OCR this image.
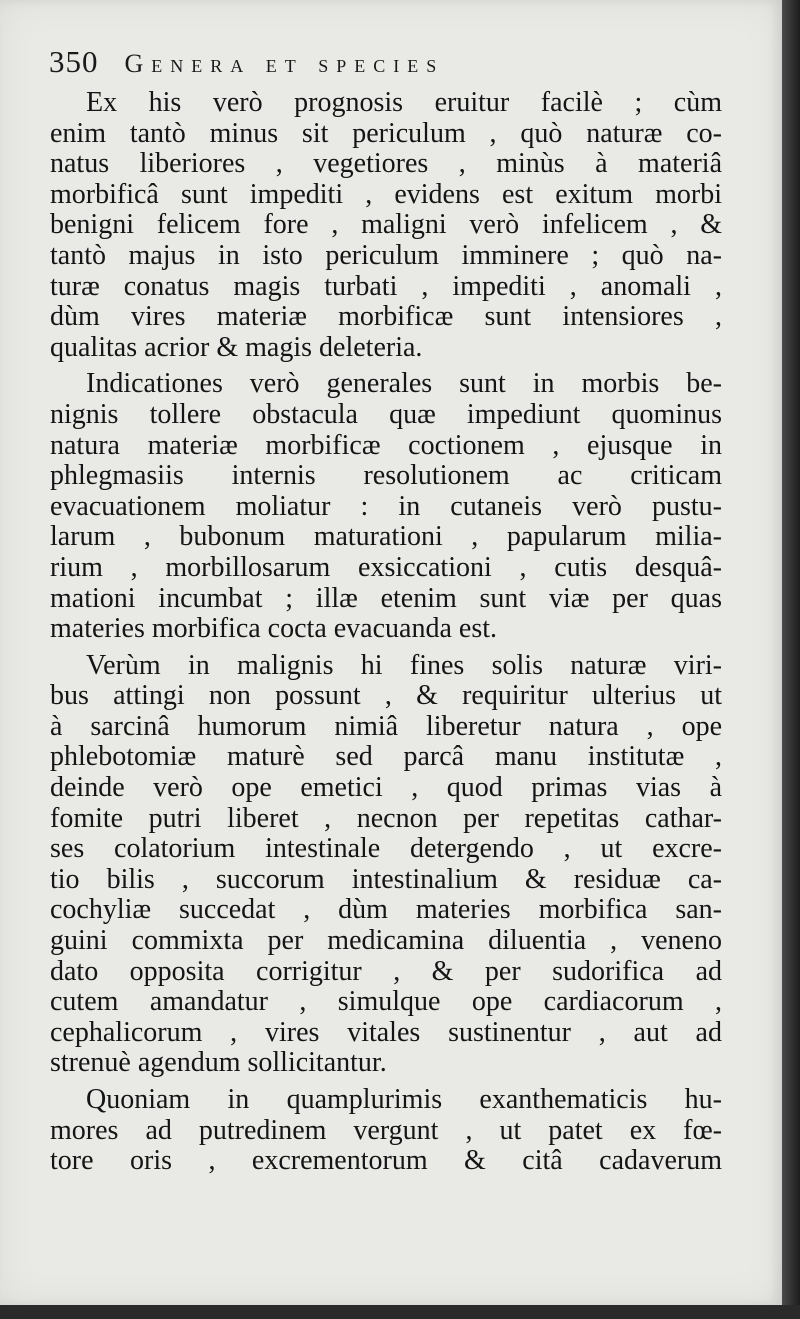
350 Genera et species
Ex his verò prognosis eruitur facilè ; cùm
enim tantò minus sit periculum , quò naturæ co-
natus liberiores , vegetiores , minùs à materiâ
morbificâ sunt impediti , evidens est exitum morbi
benigni felicem fore , maligni verò infelicem , &
tantò majus in isto periculum imminere ; quò na-
turæ conatus magis turbati , impediti , anomali ,
dùm vires materiæ morbificæ sunt intensiores ,
qualitas acrior & magis deleteria.
Indicationes verò generales sunt in morbis be-
nignis tollere obstacula quæ impediunt quominus
natura materiæ morbificæ coctionem , ejusque in
phlegmasiis internis resolutionem ac criticam
evacuationem moliatur : in cutaneis verò pustu-
larum , bubonum maturationi , papularum milia-
rium , morbillosarum exsiccationi , cutis desquâ-
mationi incumbat ; illæ etenim sunt viæ per quas
materies morbifica cocta evacuanda est.
Verùm in malignis hi fines solis naturæ viri-
bus attingi non possunt , & requiritur ulterius ut
à sarcinâ humorum nimiâ liberetur natura , ope
phlebotomiæ maturè sed parcâ manu institutæ ,
deinde verò ope emetici , quod primas vias à
fomite putri liberet , necnon per repetitas cathar-
ses colatorium intestinale detergendo , ut excre-
tio bilis , succorum intestinalium & residuæ ca-
cochyliæ succedat , dùm materies morbifica san-
guini commixta per medicamina diluentia , veneno
dato opposita corrigitur , & per sudorifica ad
cutem amandatur , simulque ope cardiacorum ,
cephalicorum , vires vitales sustinentur , aut ad
strenuè agendum sollicitantur.
Quoniam in quamplurimis exanthematicis hu-
mores ad putredinem vergunt , ut patet ex fœ-
tore oris , excrementorum & citâ cadaverum
